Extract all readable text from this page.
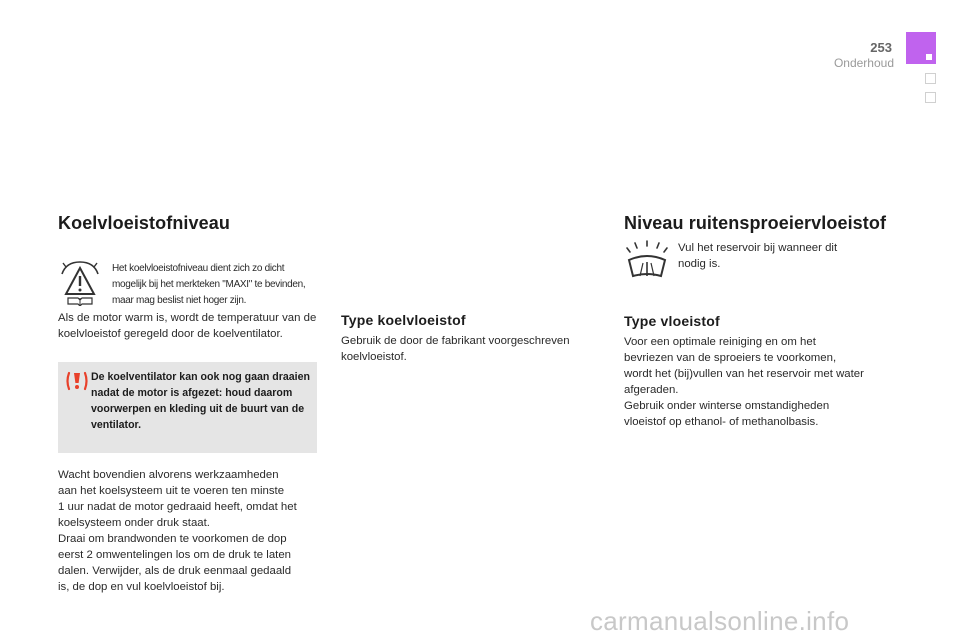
253
Onderhoud
Koelvloeistofniveau
Het koelvloeistofniveau dient zich zo dicht mogelijk bij het merkteken "MAXI" te bevinden, maar mag beslist niet hoger zijn.
Als de motor warm is, wordt de temperatuur van de koelvloeistof geregeld door de koelventilator.
De koelventilator kan ook nog gaan draaien nadat de motor is afgezet: houd daarom voorwerpen en kleding uit de buurt van de ventilator.
Wacht bovendien alvorens werkzaamheden
aan het koelsysteem uit te voeren ten minste
1 uur nadat de motor gedraaid heeft, omdat het
koelsysteem onder druk staat.
Draai om brandwonden te voorkomen de dop
eerst 2 omwentelingen los om de druk te laten
dalen. Verwijder, als de druk eenmaal gedaald
is, de dop en vul koelvloeistof bij.
Type koelvloeistof
Gebruik de door de fabrikant voorgeschreven koelvloeistof.
Niveau ruitensproeiervloeistof
Vul het reservoir bij wanneer dit nodig is.
Type vloeistof
Voor een optimale reiniging en om het
bevriezen van de sproeiers te voorkomen,
wordt het (bij)vullen van het reservoir met water
afgeraden.
Gebruik onder winterse omstandigheden
vloeistof op ethanol- of methanolbasis.
carmanualsonline.info
